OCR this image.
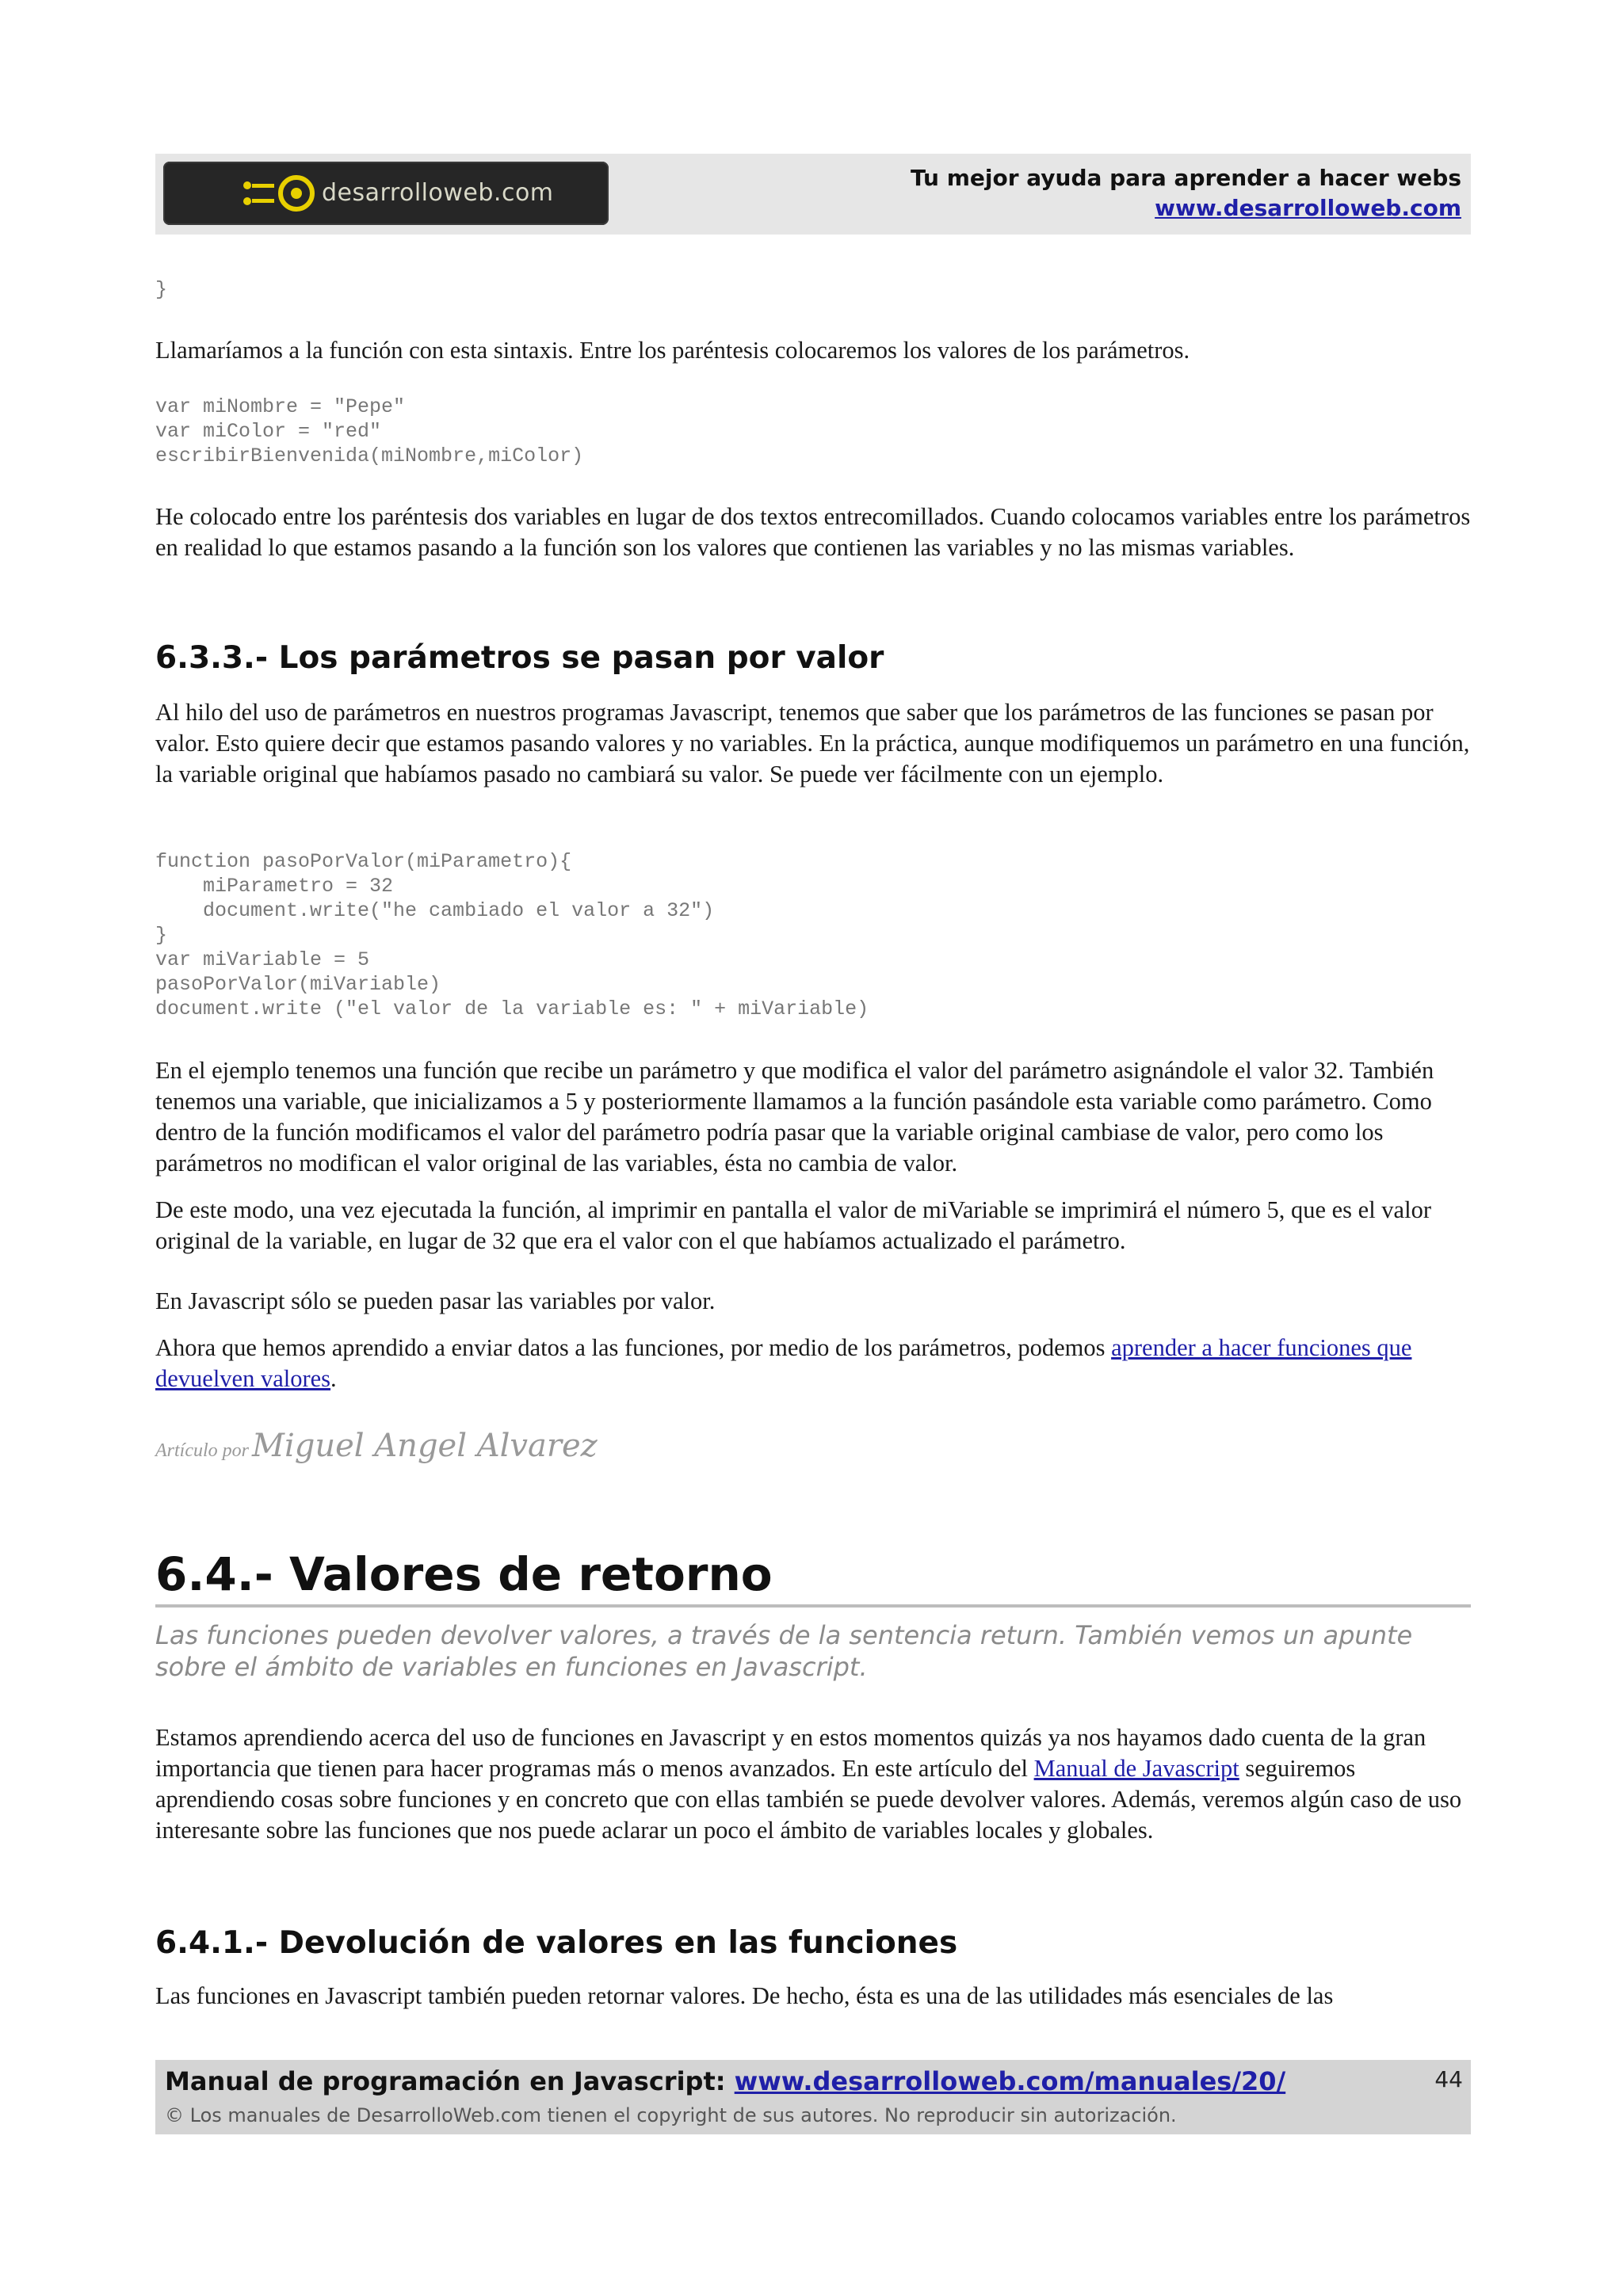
desarrolloweb.com
Tu mejor ayuda para aprender a hacer webs
www.desarrolloweb.com
}

Llamaríamos a la función con esta sintaxis. Entre los paréntesis colocaremos los valores de los parámetros.

var miNombre = "Pepe"
var miColor = "red"
escribirBienvenida(miNombre,miColor)

He colocado entre los paréntesis dos variables en lugar de dos textos entrecomillados. Cuando colocamos variables entre los parámetros en realidad lo que estamos pasando a la función son los valores que contienen las variables y no las mismas variables.

6.3.3.- Los parámetros se pasan por valor

Al hilo del uso de parámetros en nuestros programas Javascript, tenemos que saber que los parámetros de las funciones se pasan por valor. Esto quiere decir que estamos pasando valores y no variables. En la práctica, aunque modifiquemos un parámetro en una función, la variable original que habíamos pasado no cambiará su valor. Se puede ver fácilmente con un ejemplo.

function pasoPorValor(miParametro){
miParametro = 32
document.write("he cambiado el valor a 32")
}
var miVariable = 5
pasoPorValor(miVariable)
document.write ("el valor de la variable es: " + miVariable)

En el ejemplo tenemos una función que recibe un parámetro y que modifica el valor del parámetro asignándole el valor 32. También tenemos una variable, que inicializamos a 5 y posteriormente llamamos a la función pasándole esta variable como parámetro. Como dentro de la función modificamos el valor del parámetro podría pasar que la variable original cambiase de valor, pero como los parámetros no modifican el valor original de las variables, ésta no cambia de valor.

De este modo, una vez ejecutada la función, al imprimir en pantalla el valor de miVariable se imprimirá el número 5, que es el valor original de la variable, en lugar de 32 que era el valor con el que habíamos actualizado el parámetro.

En Javascript sólo se pueden pasar las variables por valor.

Ahora que hemos aprendido a enviar datos a las funciones, por medio de los parámetros, podemos aprender a hacer funciones que devuelven valores.

Artículo por Miguel Angel Alvarez
6.4.- Valores de retorno
Las funciones pueden devolver valores, a través de la sentencia return. También vemos un apunte sobre el ámbito de variables en funciones en Javascript.

Estamos aprendiendo acerca del uso de funciones en Javascript y en estos momentos quizás ya nos hayamos dado cuenta de la gran importancia que tienen para hacer programas más o menos avanzados. En este artículo del Manual de Javascript seguiremos aprendiendo cosas sobre funciones y en concreto que con ellas también se puede devolver valores. Además, veremos algún caso de uso interesante sobre las funciones que nos puede aclarar un poco el ámbito de variables locales y globales.

6.4.1.- Devolución de valores en las funciones

Las funciones en Javascript también pueden retornar valores. De hecho, ésta es una de las utilidades más esenciales de las

Manual de programación en Javascript: www.desarrolloweb.com/manuales/20/	44
© Los manuales de DesarrolloWeb.com tienen el copyright de sus autores. No reproducir sin autorización.
